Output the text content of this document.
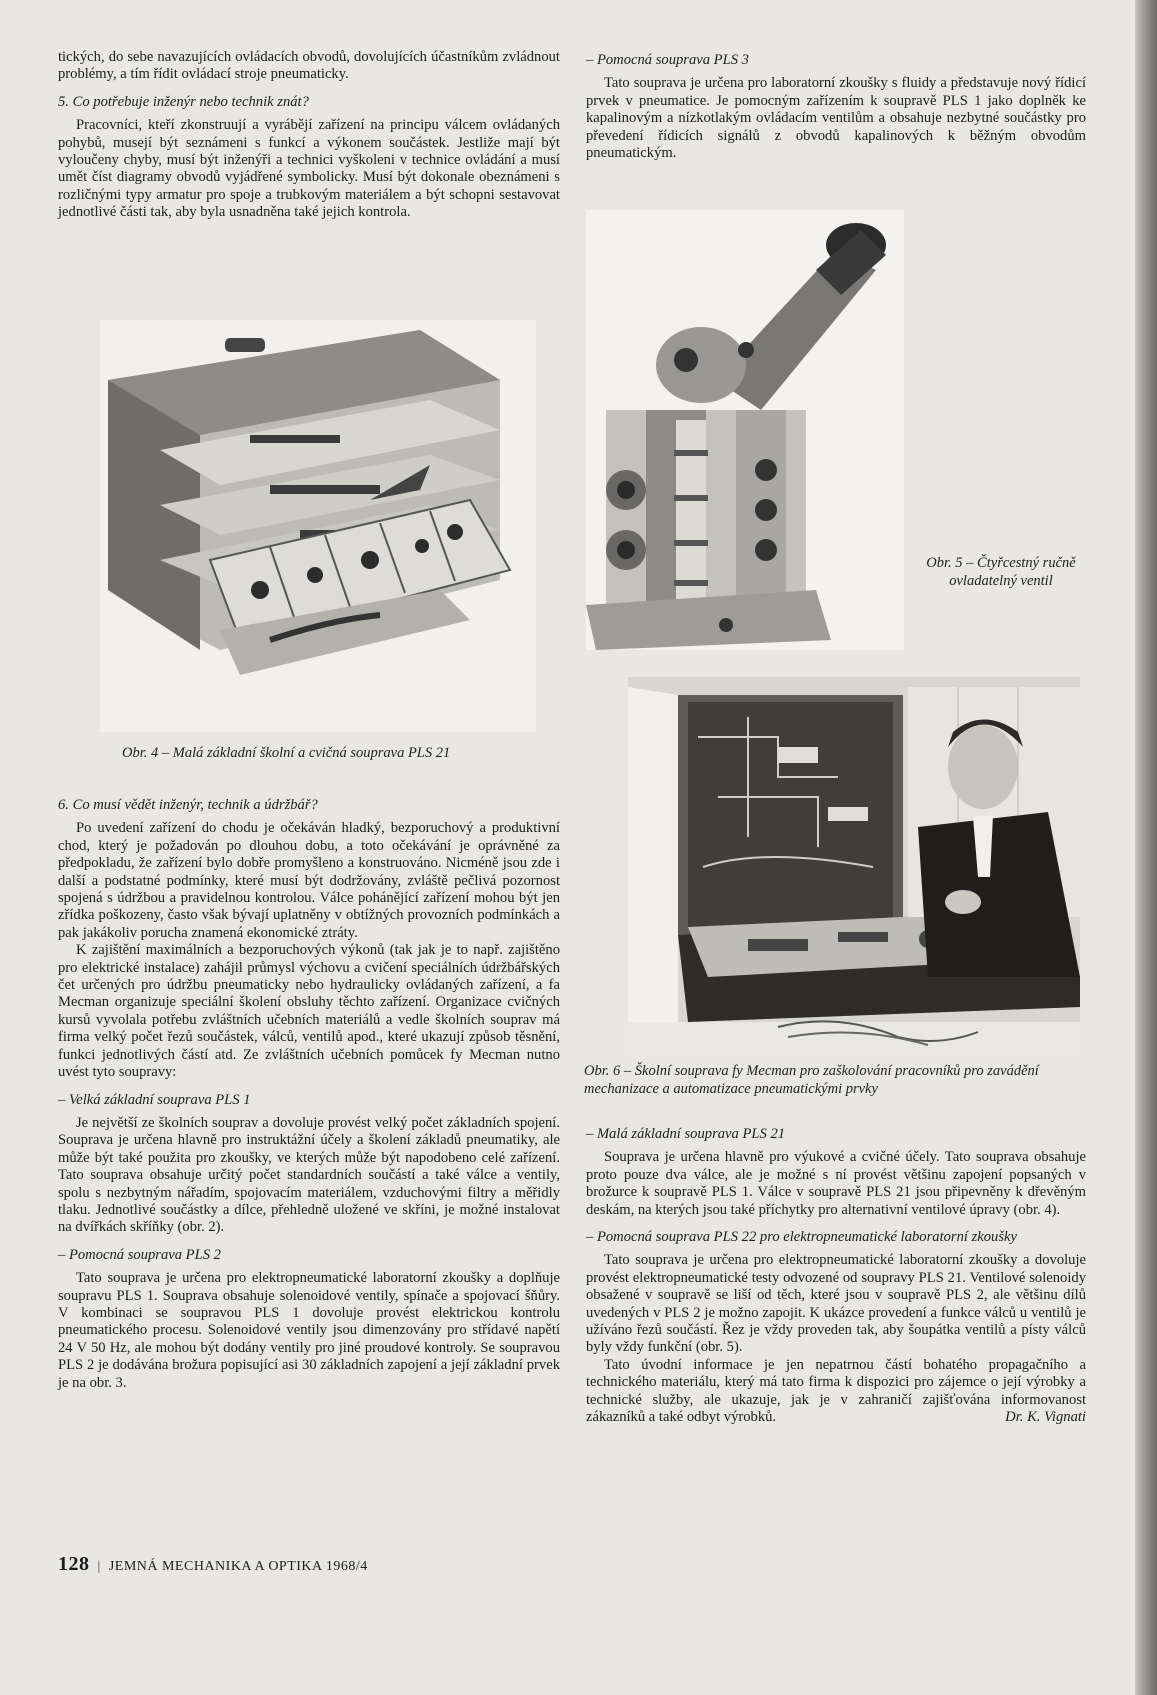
tických, do sebe navazujících ovládacích obvodů, dovolujících účastníkům zvládnout problémy, a tím řídit ovládací stroje pneumaticky.

5. Co potřebuje inženýr nebo technik znát?

Pracovníci, kteří zkonstruují a vyrábějí zařízení na principu válcem ovládaných pohybů, musejí být seznámeni s funkcí a výkonem součástek. Jestliže mají být vyloučeny chyby, musí být inženýři a technici vyškoleni v technice ovládání a musí umět číst diagramy obvodů vyjádřené symbolicky. Musí být dokonale obeznámeni s rozličnými typy armatur pro spoje a trubkovým materiálem a být schopni sestavovat jednotlivé části tak, aby byla usnadněna také jejich kontrola.

Obr. 4 – Malá základní školní a cvičná souprava PLS 21

6. Co musí vědět inženýr, technik a údržbář?

Po uvedení zařízení do chodu je očekáván hladký, bezporuchový a produktivní chod, který je požadován po dlouhou dobu, a toto očekávání je oprávněné za předpokladu, že zařízení bylo dobře promyšleno a konstruováno. Nicméně jsou zde i další a podstatné podmínky, které musí být dodržovány, zvláště pečlivá pozornost spojená s údržbou a pravidelnou kontrolou. Válce pohánějící zařízení mohou být jen zřídka poškozeny, často však bývají uplatněny v obtížných provozních podmínkách a pak jakákoliv porucha znamená ekonomické ztráty.

K zajištění maximálních a bezporuchových výkonů (tak jak je to např. zajištěno pro elektrické instalace) zahájil průmysl výchovu a cvičení speciálních údržbářských čet určených pro údržbu pneumaticky nebo hydraulicky ovládaných zařízení, a fa Mecman organizuje speciální školení obsluhy těchto zařízení. Organizace cvičných kursů vyvolala potřebu zvláštních učebních materiálů a vedle školních souprav má firma velký počet řezů součástek, válců, ventilů apod., které ukazují způsob těsnění, funkci jednotlivých částí atd. Ze zvláštních učebních pomůcek fy Mecman nutno uvést tyto soupravy:

– Velká základní souprava PLS 1

Je největší ze školních souprav a dovoluje provést velký počet základních spojení. Souprava je určena hlavně pro instruktážní účely a školení základů pneumatiky, ale může být také použita pro zkoušky, ve kterých může být napodobeno celé zařízení. Tato souprava obsahuje určitý počet standardních součástí a také válce a ventily, spolu s nezbytným nářadím, spojovacím materiálem, vzduchovými filtry a měřidly tlaku. Jednotlivé součástky a dílce, přehledně uložené ve skříni, je možné instalovat na dvířkách skříňky (obr. 2).

– Pomocná souprava PLS 2

Tato souprava je určena pro elektropneumatické laboratorní zkoušky a doplňuje soupravu PLS 1. Souprava obsahuje solenoidové ventily, spínače a spojovací šňůry. V kombinaci se soupravou PLS 1 dovoluje provést elektrickou kontrolu pneumatického procesu. Solenoidové ventily jsou dimenzovány pro střídavé napětí 24 V 50 Hz, ale mohou být dodány ventily pro jiné proudové kontroly. Se soupravou PLS 2 je dodávána brožura popisující asi 30 základních zapojení a její základní prvek je na obr. 3.

– Pomocná souprava PLS 3

Tato souprava je určena pro laboratorní zkoušky s fluidy a představuje nový řídicí prvek v pneumatice. Je pomocným zařízením k soupravě PLS 1 jako doplněk ke kapalinovým a nízkotlakým ovládacím ventilům a obsahuje nezbytné součástky pro převedení řídicích signálů z obvodů kapalinových k běžným obvodům pneumatickým.

Obr. 5 – Čtyřcestný ručně ovladatelný ventil
Obr. 6 – Školní souprava fy Mecman pro zaškolování pracovníků pro zavádění mechanizace a automatizace pneumatickými prvky

– Malá základní souprava PLS 21

Souprava je určena hlavně pro výukové a cvičné účely. Tato souprava obsahuje proto pouze dva válce, ale je možné s ní provést většinu zapojení popsaných v brožurce k soupravě PLS 1. Válce v soupravě PLS 21 jsou připevněny k dřevěným deskám, na kterých jsou také příchytky pro alternativní ventilové úpravy (obr. 4).

– Pomocná souprava PLS 22 pro elektropneumatické laboratorní zkoušky

Tato souprava je určena pro elektropneumatické laboratorní zkoušky a dovoluje provést elektropneumatické testy odvozené od soupravy PLS 21. Ventilové solenoidy obsažené v soupravě se liší od těch, které jsou v soupravě PLS 2, ale většinu dílů uvedených v PLS 2 je možno zapojit. K ukázce provedení a funkce válců u ventilů je užíváno řezů součástí. Řez je vždy proveden tak, aby šoupátka ventilů a písty válců byly vždy funkční (obr. 5).

Tato úvodní informace je jen nepatrnou částí bohatého propagačního a technického materiálu, který má tato firma k dispozici pro zájemce o její výrobky a technické služby, ale ukazuje, jak je v zahraničí zajišťována informovanost zákazníků a také odbyt výrobků.	Dr. K. Vignati

128 | JEMNÁ MECHANIKA A OPTIKA 1968/4
